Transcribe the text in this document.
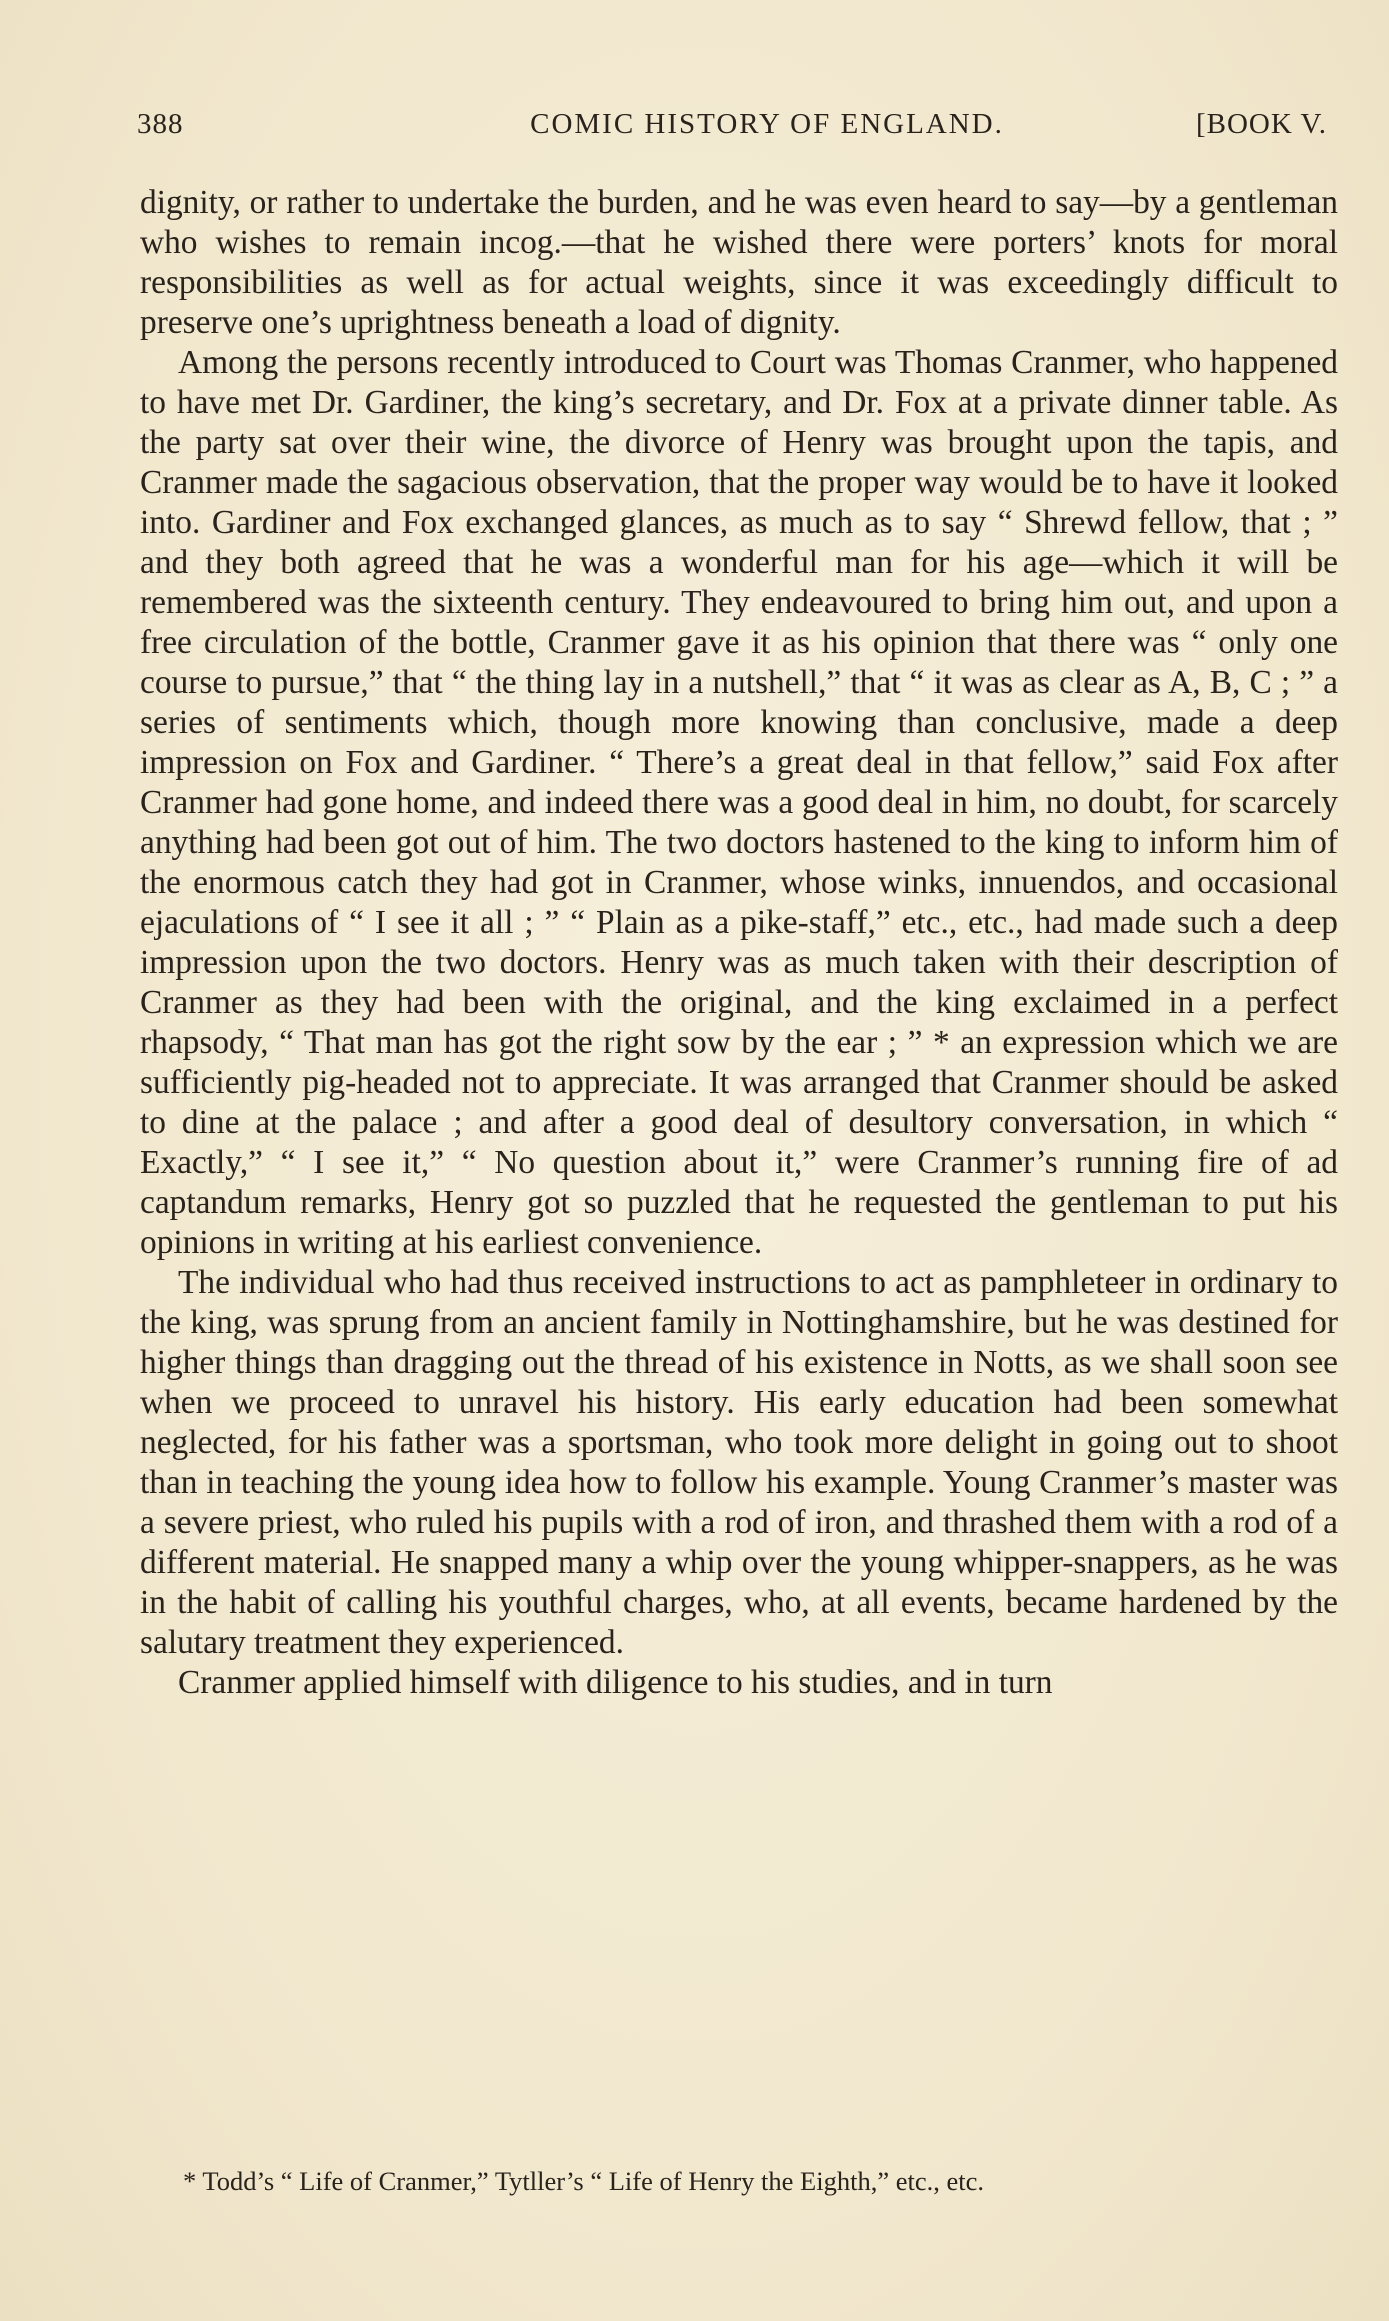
388	COMIC HISTORY OF ENGLAND.	[BOOK V.

dignity, or rather to undertake the burden, and he was even heard to say—by a gentleman who wishes to remain incog.—that he wished there were porters’ knots for moral responsibilities as well as for actual weights, since it was exceedingly difficult to preserve one’s uprightness beneath a load of dignity.

Among the persons recently introduced to Court was Thomas Cranmer, who happened to have met Dr. Gardiner, the king’s secretary, and Dr. Fox at a private dinner table. As the party sat over their wine, the divorce of Henry was brought upon the tapis, and Cranmer made the sagacious observation, that the proper way would be to have it looked into. Gardiner and Fox exchanged glances, as much as to say “ Shrewd fellow, that ; ” and they both agreed that he was a wonderful man for his age—which it will be remembered was the sixteenth century. They endeavoured to bring him out, and upon a free circulation of the bottle, Cranmer gave it as his opinion that there was “ only one course to pursue,” that “ the thing lay in a nutshell,” that “ it was as clear as A, B, C ; ” a series of sentiments which, though more knowing than conclusive, made a deep impression on Fox and Gardiner. “ There’s a great deal in that fellow,” said Fox after Cranmer had gone home, and indeed there was a good deal in him, no doubt, for scarcely anything had been got out of him. The two doctors hastened to the king to inform him of the enormous catch they had got in Cranmer, whose winks, innuendos, and occasional ejaculations of “ I see it all ; ” “ Plain as a pike-staff,” etc., etc., had made such a deep impression upon the two doctors. Henry was as much taken with their description of Cranmer as they had been with the original, and the king exclaimed in a perfect rhapsody, “ That man has got the right sow by the ear ; ” * an expression which we are sufficiently pig-headed not to appreciate. It was arranged that Cranmer should be asked to dine at the palace ; and after a good deal of desultory conversation, in which “ Exactly,” “ I see it,” “ No question about it,” were Cranmer’s running fire of ad captandum remarks, Henry got so puzzled that he requested the gentleman to put his opinions in writing at his earliest convenience.

The individual who had thus received instructions to act as pamphleteer in ordinary to the king, was sprung from an ancient family in Nottinghamshire, but he was destined for higher things than dragging out the thread of his existence in Notts, as we shall soon see when we proceed to unravel his history. His early education had been somewhat neglected, for his father was a sportsman, who took more delight in going out to shoot than in teaching the young idea how to follow his example. Young Cranmer’s master was a severe priest, who ruled his pupils with a rod of iron, and thrashed them with a rod of a different material. He snapped many a whip over the young whipper-snappers, as he was in the habit of calling his youthful charges, who, at all events, became hardened by the salutary treatment they experienced.

Cranmer applied himself with diligence to his studies, and in turn

* Todd’s “ Life of Cranmer,” Tytller’s “ Life of Henry the Eighth,” etc., etc.
